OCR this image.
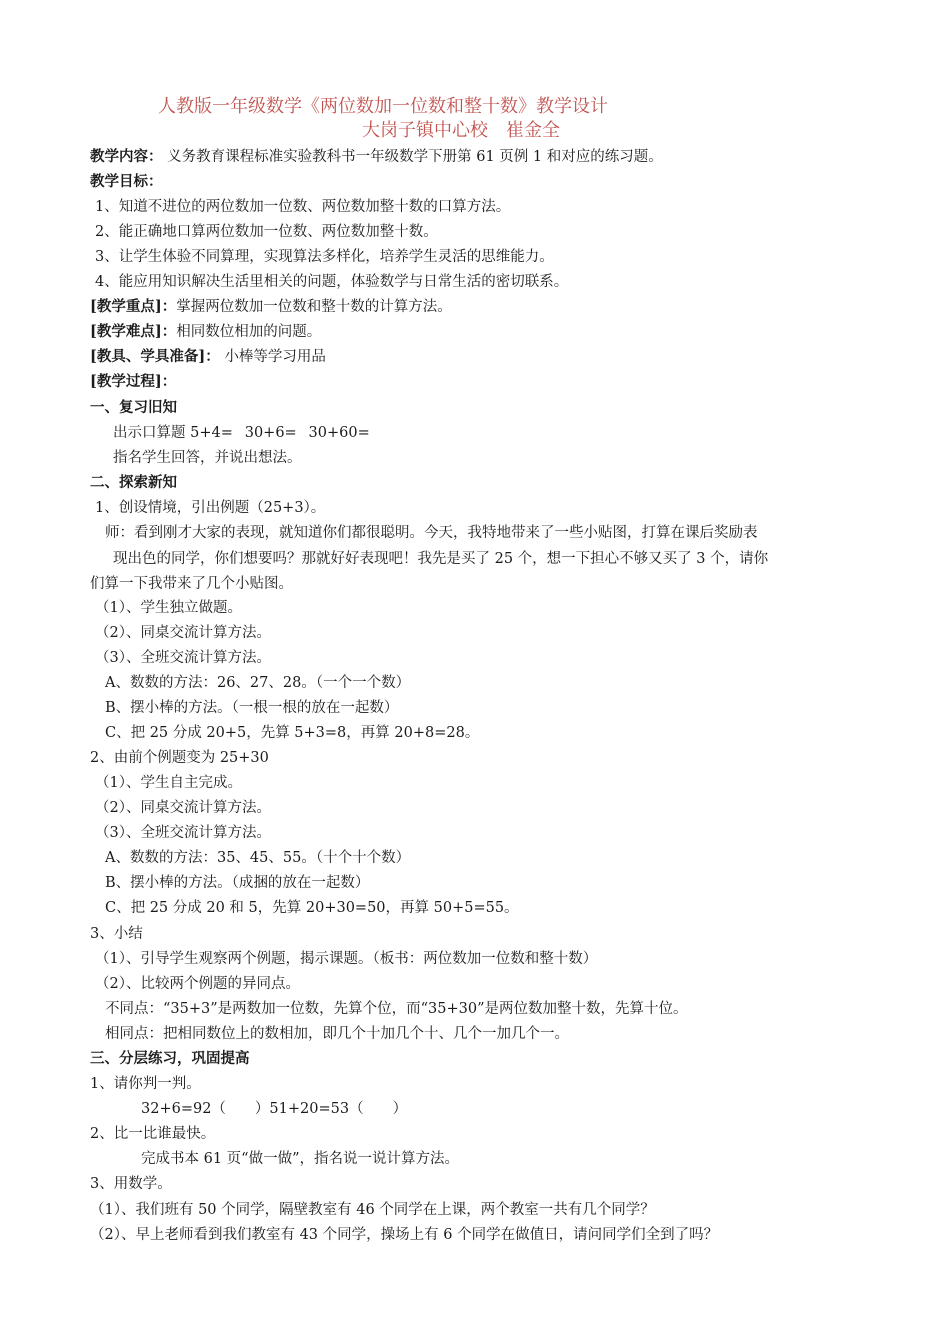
人教版一年级数学《两位数加一位数和整十数》教学设计
大岗子镇中心校　崔金全
教学内容： 义务教育课程标准实验教科书一年级数学下册第 61 页例 1 和对应的练习题。
教学目标：
1、知道不进位的两位数加一位数、两位数加整十数的口算方法。
2、能正确地口算两位数加一位数、两位数加整十数。
3、让学生体验不同算理，实现算法多样化，培养学生灵活的思维能力。
4、能应用知识解决生活里相关的问题，体验数学与日常生活的密切联系。
[教学重点]：掌握两位数加一位数和整十数的计算方法。
[教学难点]：相同数位相加的问题。
[教具、学具准备]： 小棒等学习用品
[教学过程]：
一、复习旧知
出示口算题 5+4=  30+6=  30+60=
指名学生回答，并说出想法。
二、探索新知
1、创设情境，引出例题（25+3）。
师：看到刚才大家的表现，就知道你们都很聪明。今天，我特地带来了一些小贴图，打算在课后奖励表
现出色的同学，你们想要吗？那就好好表现吧！我先是买了 25 个，想一下担心不够又买了 3 个，请你
们算一下我带来了几个小贴图。
（1）、学生独立做题。
（2）、同桌交流计算方法。
（3）、全班交流计算方法。
A、数数的方法：26、27、28。（一个一个数）
B、摆小棒的方法。（一根一根的放在一起数）
C、把 25 分成 20+5，先算 5+3=8，再算 20+8=28。
2、由前个例题变为 25+30
（1）、学生自主完成。
（2）、同桌交流计算方法。
（3）、全班交流计算方法。
A、数数的方法：35、45、55。（十个十个数）
B、摆小棒的方法。（成捆的放在一起数）
C、把 25 分成 20 和 5，先算 20+30=50，再算 50+5=55。
3、小结
（1）、引导学生观察两个例题，揭示课题。（板书：两位数加一位数和整十数）
（2）、比较两个例题的异同点。
不同点：“35+3”是两数加一位数，先算个位，而“35+30”是两位数加整十数，先算十位。
相同点：把相同数位上的数相加，即几个十加几个十、几个一加几个一。
三、分层练习，巩固提高
1、请你判一判。
32+6=92（  ）51+20=53（  ）
2、比一比谁最快。
完成书本 61 页“做一做”，指名说一说计算方法。
3、用数学。
（1）、我们班有 50 个同学，隔壁教室有 46 个同学在上课，两个教室一共有几个同学？
（2）、早上老师看到我们教室有 43 个同学，操场上有 6 个同学在做值日，请问同学们全到了吗？
